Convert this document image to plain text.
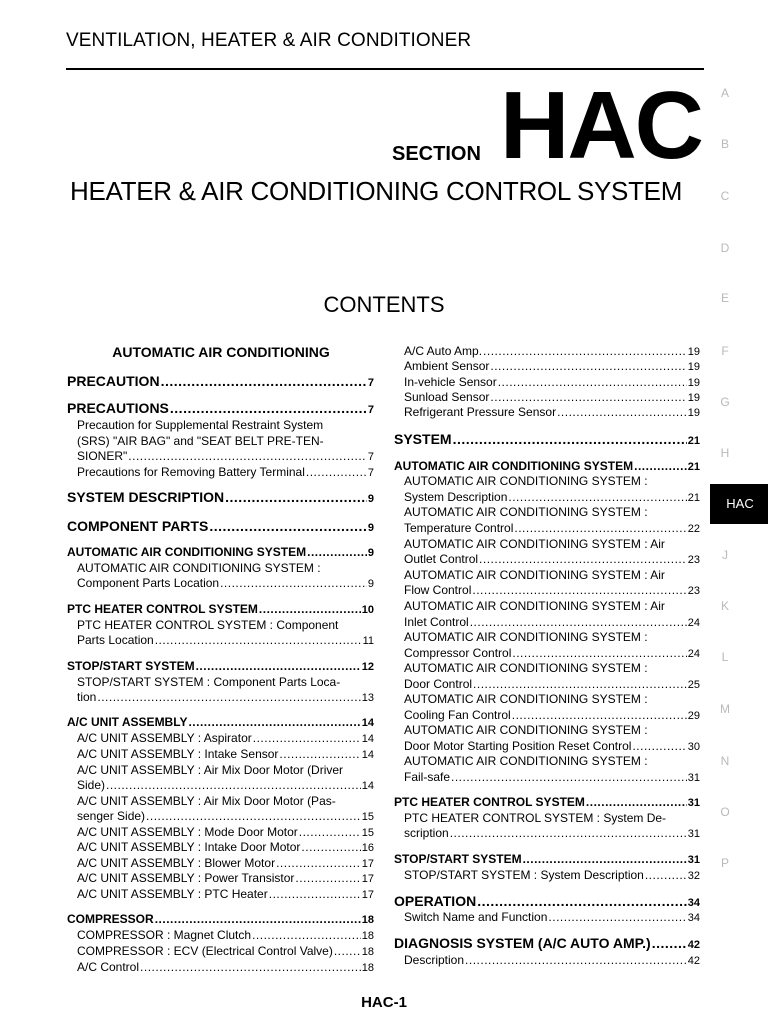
VENTILATION, HEATER & AIR CONDITIONER
SECTION HAC
HEATER & AIR CONDITIONING CONTROL SYSTEM
CONTENTS
AUTOMATIC AIR CONDITIONING
A
B
C
D
E
F
G
H
HAC
J
K
L
M
N
O
P
PRECAUTION .....	7
PRECAUTIONS .....	7
Precaution for Supplemental Restraint System
(SRS) "AIR BAG" and "SEAT BELT PRE-TEN-
SIONER" .....	7
Precautions for Removing Battery Terminal .....	7
SYSTEM DESCRIPTION .....	9
COMPONENT PARTS .....	9
AUTOMATIC AIR CONDITIONING SYSTEM .....	9
AUTOMATIC AIR CONDITIONING SYSTEM :
Component Parts Location .....	9
PTC HEATER CONTROL SYSTEM .....	10
PTC HEATER CONTROL SYSTEM : Component
Parts Location .....	11
STOP/START SYSTEM .....	12
STOP/START SYSTEM : Component Parts Loca-
tion .....	13
A/C UNIT ASSEMBLY .....	14
A/C UNIT ASSEMBLY : Aspirator .....	14
A/C UNIT ASSEMBLY : Intake Sensor .....	14
A/C UNIT ASSEMBLY : Air Mix Door Motor (Driver
Side) .....	14
A/C UNIT ASSEMBLY : Air Mix Door Motor (Pas-
senger Side) .....	15
A/C UNIT ASSEMBLY : Mode Door Motor .....	15
A/C UNIT ASSEMBLY : Intake Door Motor .....	16
A/C UNIT ASSEMBLY : Blower Motor .....	17
A/C UNIT ASSEMBLY : Power Transistor .....	17
A/C UNIT ASSEMBLY : PTC Heater .....	17
COMPRESSOR .....	18
COMPRESSOR : Magnet Clutch .....	18
COMPRESSOR : ECV (Electrical Control Valve) .....	18
A/C Control .....	18
A/C Auto Amp. .....	19
Ambient Sensor .....	19
In-vehicle Sensor .....	19
Sunload Sensor .....	19
Refrigerant Pressure Sensor .....	19
SYSTEM .....	21
AUTOMATIC AIR CONDITIONING SYSTEM .....	21
AUTOMATIC AIR CONDITIONING SYSTEM :
System Description .....	21
AUTOMATIC AIR CONDITIONING SYSTEM :
Temperature Control .....	22
AUTOMATIC AIR CONDITIONING SYSTEM : Air
Outlet Control .....	23
AUTOMATIC AIR CONDITIONING SYSTEM : Air
Flow Control .....	23
AUTOMATIC AIR CONDITIONING SYSTEM : Air
Inlet Control .....	24
AUTOMATIC AIR CONDITIONING SYSTEM :
Compressor Control .....	24
AUTOMATIC AIR CONDITIONING SYSTEM :
Door Control .....	25
AUTOMATIC AIR CONDITIONING SYSTEM :
Cooling Fan Control .....	29
AUTOMATIC AIR CONDITIONING SYSTEM :
Door Motor Starting Position Reset Control .....	30
AUTOMATIC AIR CONDITIONING SYSTEM :
Fail-safe .....	31
PTC HEATER CONTROL SYSTEM .....	31
PTC HEATER CONTROL SYSTEM : System De-
scription .....	31
STOP/START SYSTEM .....	31
STOP/START SYSTEM : System Description .....	32
OPERATION .....	34
Switch Name and Function .....	34
DIAGNOSIS SYSTEM (A/C AUTO AMP.) .....	42
Description .....	42
HAC-1
